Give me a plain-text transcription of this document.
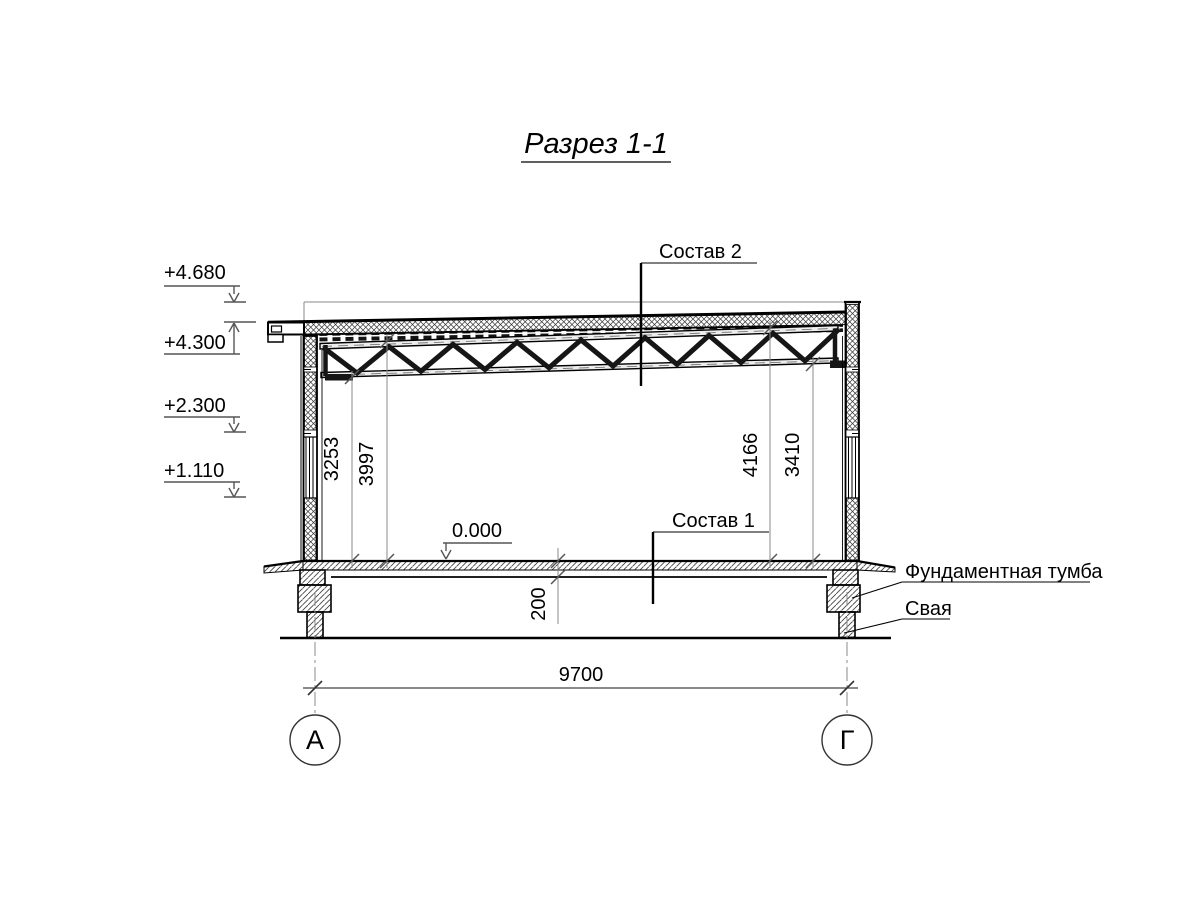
Разрез 1-1
А	Г
9700
3253 3997	4166 3410
200
+4.680
+4.300
+2.300
+1.110
0.000
Состав 2
Состав 1
Фундаментная тумба
Свая
